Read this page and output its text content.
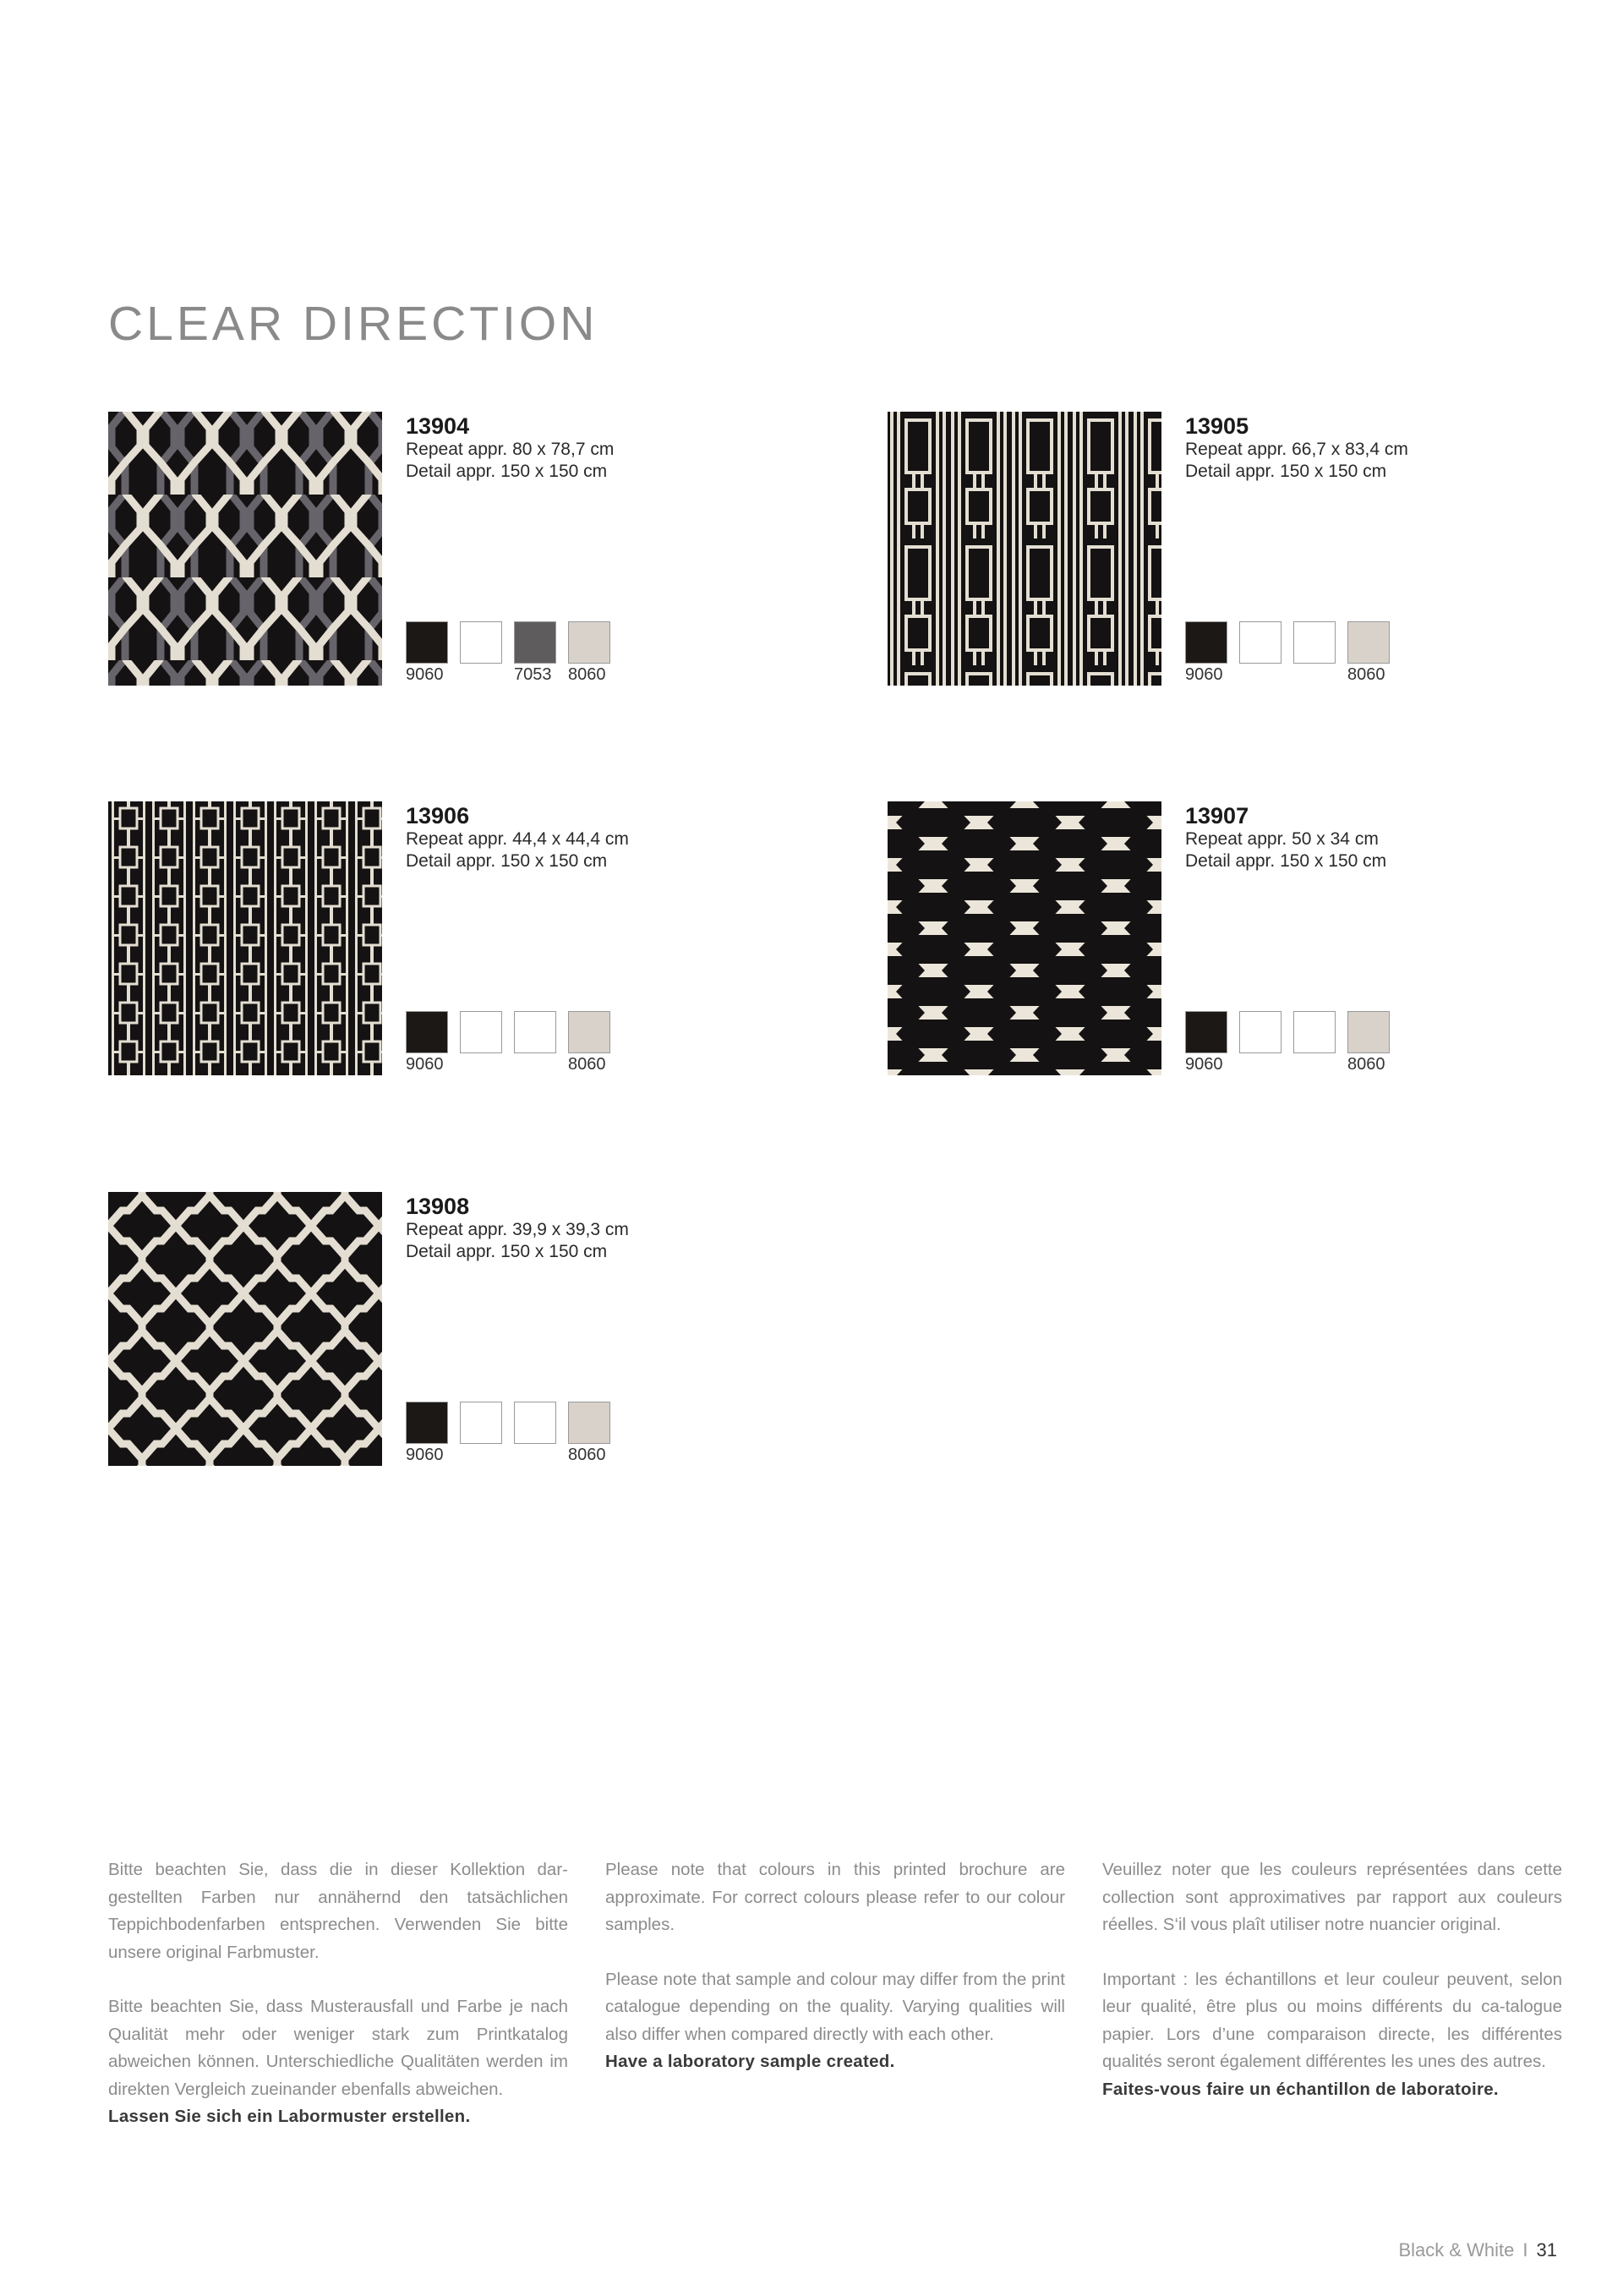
CLEAR DIRECTION
13904
Repeat appr. 80 x 78,7 cm
Detail appr. 150 x 150 cm
9060	7053 8060
13905
Repeat appr. 66,7 x 83,4 cm
Detail appr. 150 x 150 cm
9060	8060
13906
Repeat appr. 44,4 x 44,4 cm
Detail appr. 150 x 150 cm
9060	8060
13907
Repeat appr. 50 x 34 cm
Detail appr. 150 x 150 cm
9060	8060
13908
Repeat appr. 39,9 x 39,3 cm
Detail appr. 150 x 150 cm
9060	8060

Bitte beachten Sie, dass die in dieser Kollektion dar-gestellten Farben nur annähernd den tatsächlichen Teppichbodenfarben entsprechen. Verwenden Sie bitte unsere original Farbmuster.

Bitte beachten Sie, dass Musterausfall und Farbe je nach Qualität mehr oder weniger stark zum Printkatalog abweichen können. Unterschiedliche Qualitäten werden im direkten Vergleich zueinander ebenfalls abweichen.

Lassen Sie sich ein Labormuster erstellen.

Please note that colours in this printed brochure are approximate. For correct colours please refer to our colour samples.

Please note that sample and colour may differ from the print catalogue depending on the quality. Varying qualities will also differ when compared directly with each other.

Have a laboratory sample created.

Veuillez noter que les couleurs représentées dans cette collection sont approximatives par rapport aux couleurs réelles. S‘il vous plaît utiliser notre nuancier original.

Important : les échantillons et leur couleur peuvent, selon leur qualité, être plus ou moins différents du ca-talogue papier. Lors d’une comparaison directe, les différentes qualités seront également différentes les unes des autres.

Faites-vous faire un échantillon de laboratoire.
Black & White I 31
